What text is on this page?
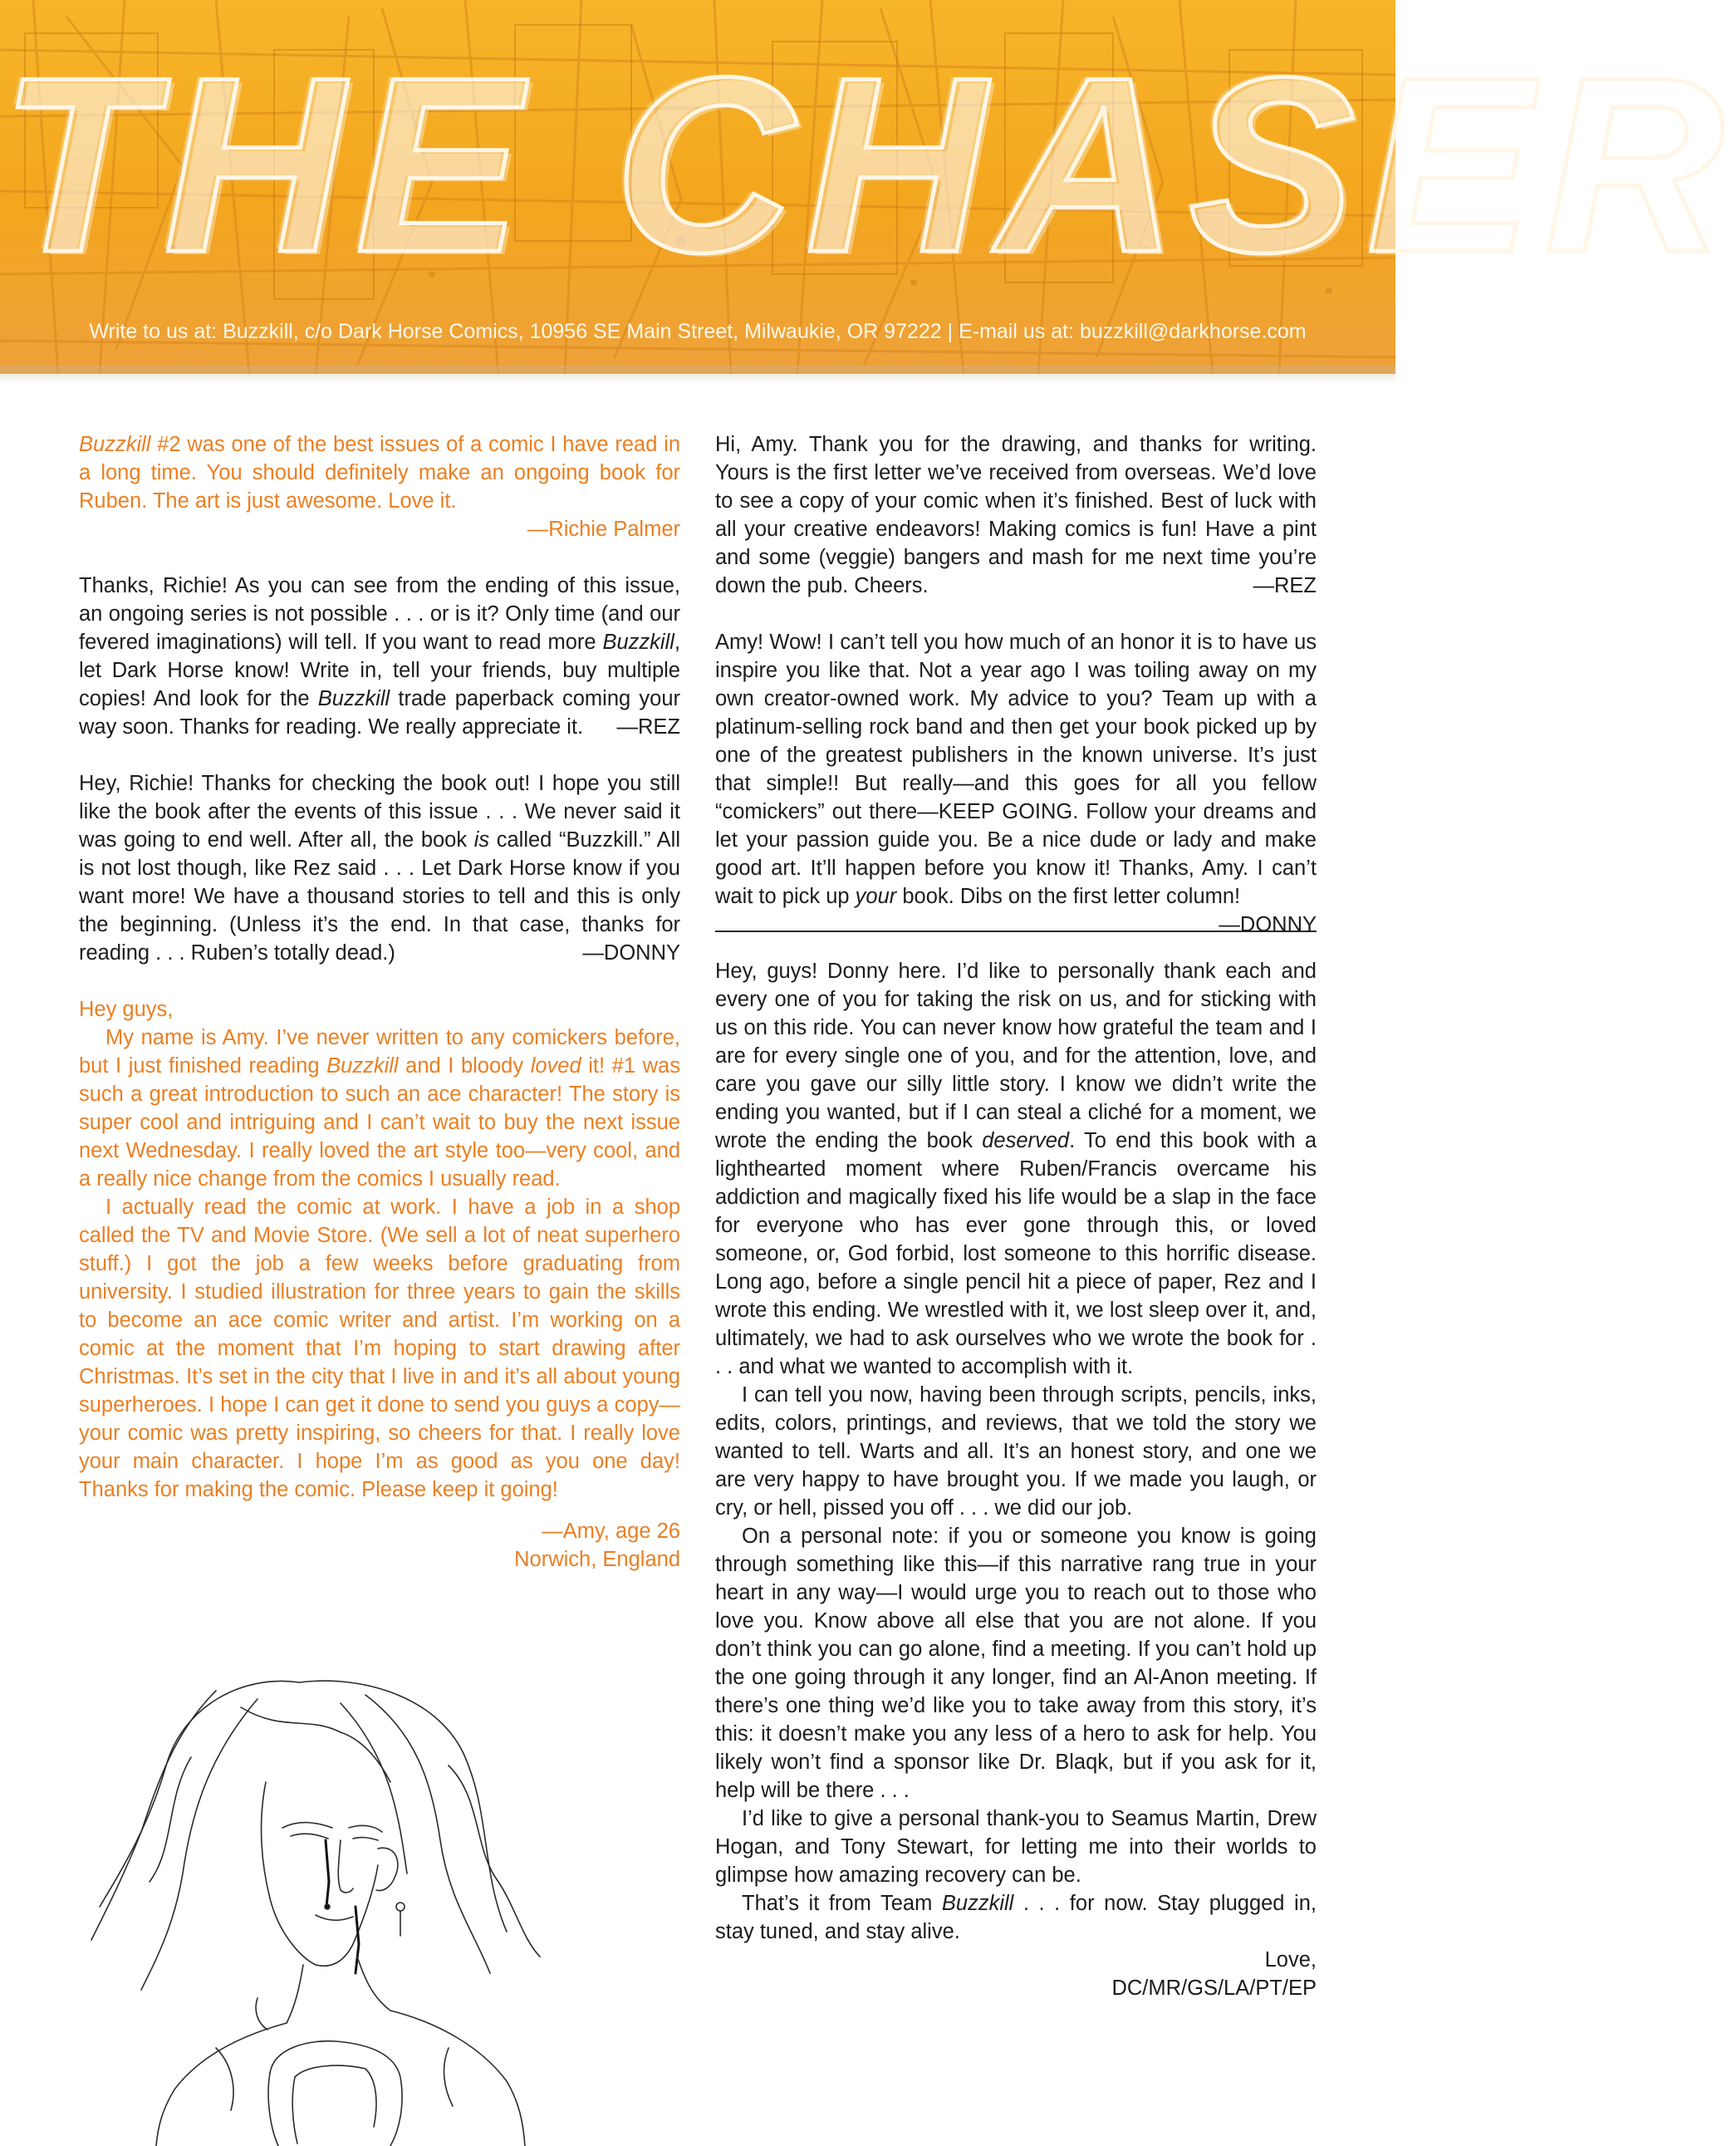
THE CHASER
Write to us at: Buzzkill, c/o Dark Horse Comics, 10956 SE Main Street, Milwaukie, OR 97222 | E-mail us at: buzzkill@darkhorse.com

Buzzkill #2 was one of the best issues of a comic I have read in a long time. You should definitely make an ongoing book for Ruben. The art is just awesome. Love it.

—Richie Palmer

Thanks, Richie! As you can see from the ending of this issue, an ongoing series is not possible . . . or is it? Only time (and our fevered imaginations) will tell. If you want to read more Buzzkill, let Dark Horse know! Write in, tell your friends, buy multiple copies! And look for the Buzzkill trade paperback coming your way soon. Thanks for reading. We really appreciate it. —REZ

Hey, Richie! Thanks for checking the book out! I hope you still like the book after the events of this issue . . . We never said it was going to end well. After all, the book is called “Buzzkill.” All is not lost though, like Rez said . . . Let Dark Horse know if you want more! We have a thousand stories to tell and this is only the beginning. (Unless it’s the end. In that case, thanks for reading . . . Ruben’s totally dead.)	—DONNY

Hey guys,

My name is Amy. I’ve never written to any comickers before, but I just finished reading Buzzkill and I bloody loved it! #1 was such a great introduction to such an ace character! The story is super cool and intriguing and I can’t wait to buy the next issue next Wednesday. I really loved the art style too—very cool, and a really nice change from the comics I usually read.

I actually read the comic at work. I have a job in a shop called the TV and Movie Store. (We sell a lot of neat superhero stuff.) I got the job a few weeks before graduating from university. I studied illustration for three years to gain the skills to become an ace comic writer and artist. I’m working on a comic at the moment that I’m hoping to start drawing after Christmas. It’s set in the city that I live in and it’s all about young superheroes. I hope I can get it done to send you guys a copy—your comic was pretty inspiring, so cheers for that. I really love your main character. I hope I’m as good as you one day! Thanks for making the comic. Please keep it going!

—Amy, age 26

Norwich, England

Hi, Amy. Thank you for the drawing, and thanks for writing. Yours is the first letter we’ve received from overseas. We’d love to see a copy of your comic when it’s finished. Best of luck with all your creative endeavors! Making comics is fun! Have a pint and some (veggie) bangers and mash for me next time you’re down the pub. Cheers.	—REZ

Amy! Wow! I can’t tell you how much of an honor it is to have us inspire you like that. Not a year ago I was toiling away on my own creator-owned work. My advice to you? Team up with a platinum-selling rock band and then get your book picked up by one of the greatest publishers in the known universe. It’s just that simple!! But really—and this goes for all you fellow “comickers” out there—KEEP GOING. Follow your dreams and let your passion guide you. Be a nice dude or lady and make good art. It’ll happen before you know it! Thanks, Amy. I can’t wait to pick up your book. Dibs on the first letter column!
—DONNY

Hey, guys! Donny here. I’d like to personally thank each and every one of you for taking the risk on us, and for sticking with us on this ride. You can never know how grateful the team and I are for every single one of you, and for the attention, love, and care you gave our silly little story. I know we didn’t write the ending you wanted, but if I can steal a cliché for a moment, we wrote the ending the book deserved. To end this book with a lighthearted moment where Ruben/Francis overcame his addiction and magically fixed his life would be a slap in the face for everyone who has ever gone through this, or loved someone, or, God forbid, lost someone to this horrific disease. Long ago, before a single pencil hit a piece of paper, Rez and I wrote this ending. We wrestled with it, we lost sleep over it, and, ultimately, we had to ask ourselves who we wrote the book for . . . and what we wanted to accomplish with it.

I can tell you now, having been through scripts, pencils, inks, edits, colors, printings, and reviews, that we told the story we wanted to tell. Warts and all. It’s an honest story, and one we are very happy to have brought you. If we made you laugh, or cry, or hell, pissed you off . . . we did our job.

On a personal note: if you or someone you know is going through something like this—if this narrative rang true in your heart in any way—I would urge you to reach out to those who love you. Know above all else that you are not alone. If you don’t think you can go alone, find a meeting. If you can’t hold up the one going through it any longer, find an Al-Anon meeting. If there’s one thing we’d like you to take away from this story, it’s this: it doesn’t make you any less of a hero to ask for help. You likely won’t find a sponsor like Dr. Blaqk, but if you ask for it, help will be there . . .

I’d like to give a personal thank-you to Seamus Martin, Drew Hogan, and Tony Stewart, for letting me into their worlds to glimpse how amazing recovery can be.

That’s it from Team Buzzkill . . . for now. Stay plugged in, stay tuned, and stay alive.

Love,

DC/MR/GS/LA/PT/EP
